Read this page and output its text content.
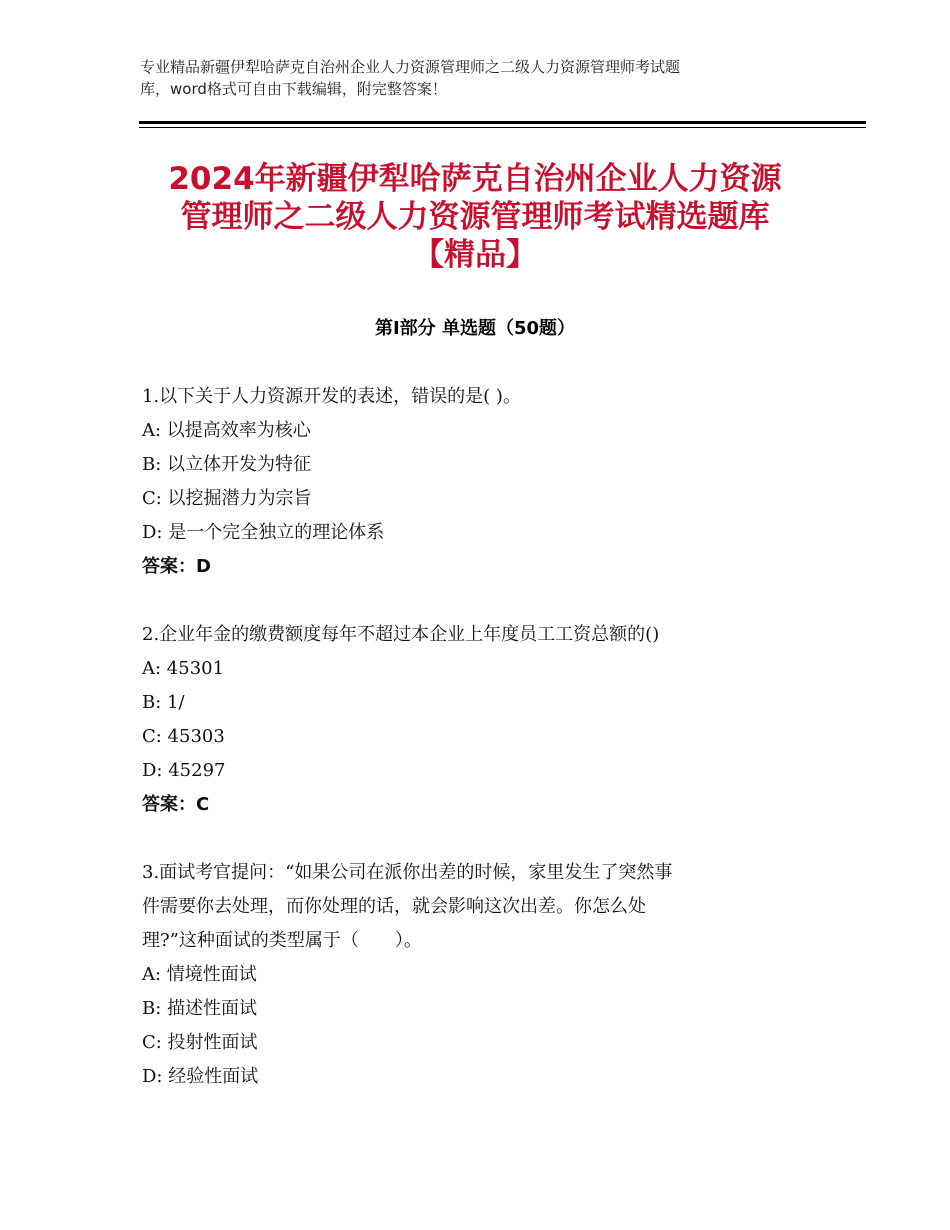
专业精品新疆伊犁哈萨克自治州企业人力资源管理师之二级人力资源管理师考试题

库，word格式可自由下载编辑，附完整答案！

2024年新疆伊犁哈萨克自治州企业人力资源
管理师之二级人力资源管理师考试精选题库
【精品】
第Ⅰ部分 单选题（50题）

1.以下关于人力资源开发的表述，错误的是( )。

A: 以提高效率为核心

B: 以立体开发为特征

C: 以挖掘潜力为宗旨

D: 是一个完全独立的理论体系

答案：D

2.企业年金的缴费额度每年不超过本企业上年度员工工资总额的()

A: 45301

B: 1/

C: 45303

D: 45297

答案：C

3.面试考官提问：“如果公司在派你出差的时候，家里发生了突然事

件需要你去处理，而你处理的话，就会影响这次出差。你怎么处

理?”这种面试的类型属于（　　）。

A: 情境性面试

B: 描述性面试

C: 投射性面试

D: 经验性面试
